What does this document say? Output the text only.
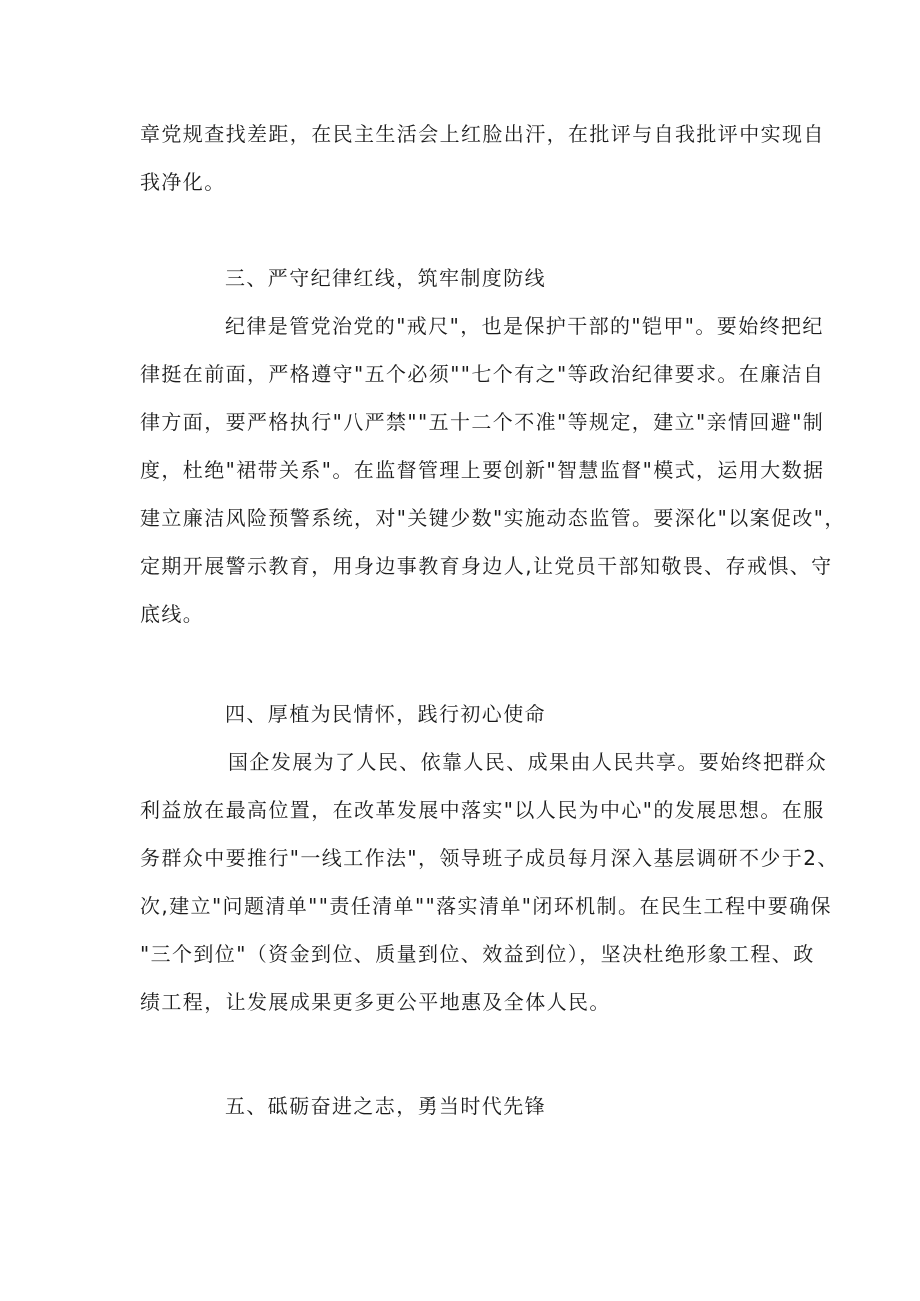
章党规查找差距，在民主生活会上红脸出汗，在批评与自我批评中实现自
我净化。
三、严守纪律红线，筑牢制度防线
纪律是管党治党的"戒尺"，也是保护干部的"铠甲"。要始终把纪
律挺在前面，严格遵守"五个必须""七个有之"等政治纪律要求。在廉洁自
律方面，要严格执行"八严禁""五十二个不准"等规定，建立"亲情回避"制
度，杜绝"裙带关系"。在监督管理上要创新"智慧监督"模式，运用大数据
建立廉洁风险预警系统，对"关键少数"实施动态监管。要深化"以案促改"，
定期开展警示教育，用身边事教育身边人,让党员干部知敬畏、存戒惧、守
底线。
四、厚植为民情怀，践行初心使命
国企发展为了人民、依靠人民、成果由人民共享。要始终把群众
利益放在最高位置，在改革发展中落实"以人民为中心"的发展思想。在服
务群众中要推行"一线工作法"，领导班子成员每月深入基层调研不少于2、
次,建立"问题清单""责任清单""落实清单"闭环机制。在民生工程中要确保
"三个到位"（资金到位、质量到位、效益到位），坚决杜绝形象工程、政
绩工程，让发展成果更多更公平地惠及全体人民。
五、砥砺奋进之志，勇当时代先锋
